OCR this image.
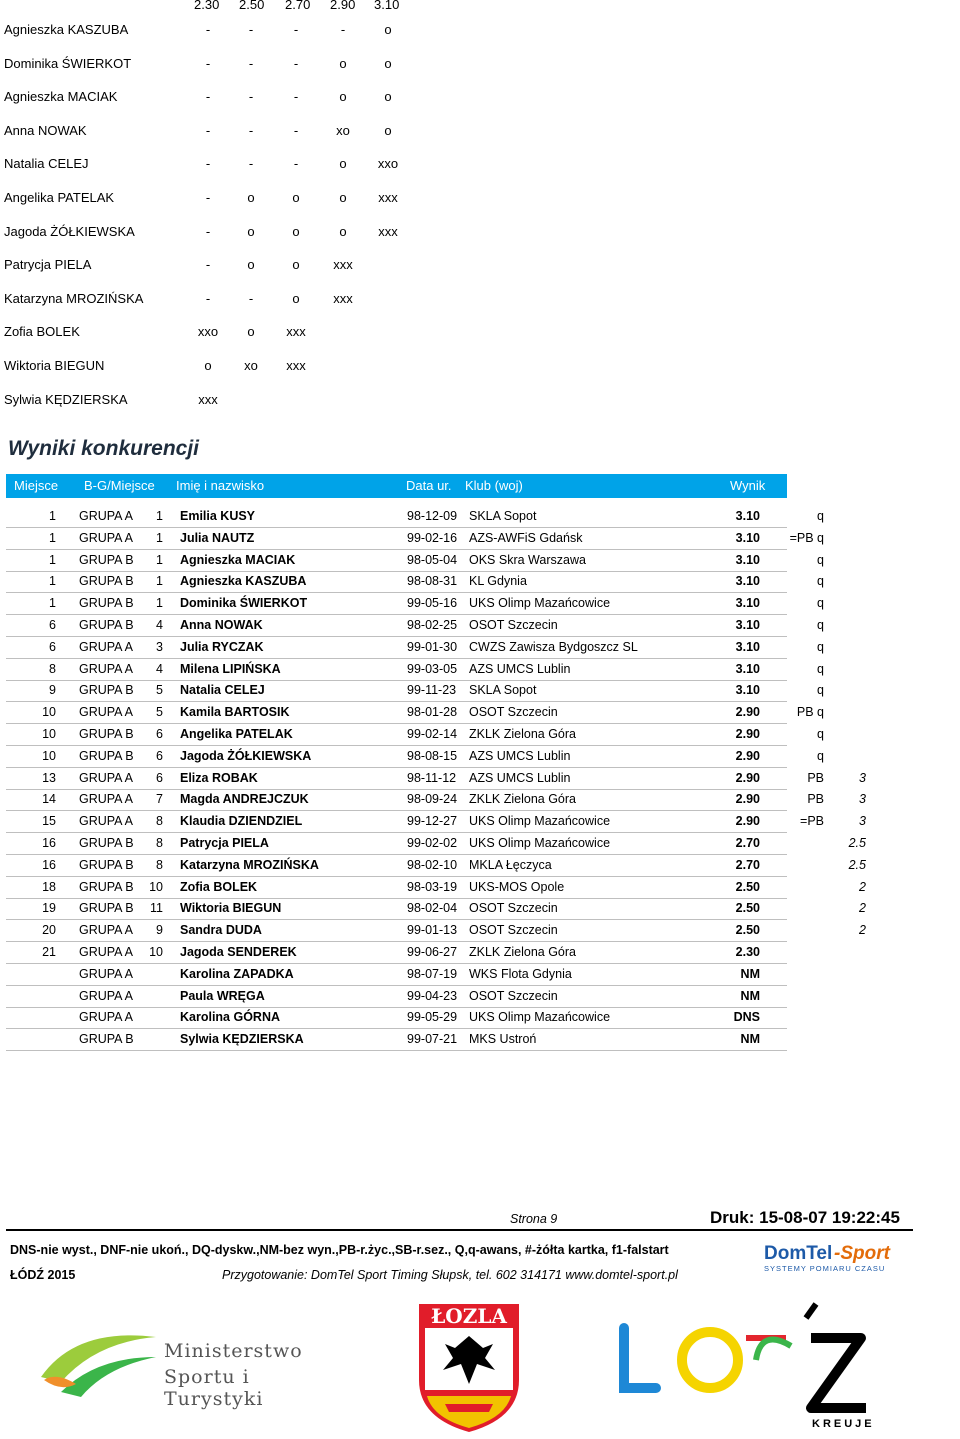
2.30 2.50 2.70 2.90 3.10
Agnieszka KASZUBA	-	-	-	-	o
Dominika ŚWIERKOT	-	-	-	o	o
Agnieszka MACIAK	-	-	-	o	o
Anna NOWAK	-	-	-	xo	o
Natalia CELEJ	-	-	-	o	xxo
Angelika PATELAK	-	o	o	o	xxx
Jagoda ŻÓŁKIEWSKA	-	o	o	o	xxx
Patrycja PIELA	-	o	o	xxx
Katarzyna MROZIŃSKA	-	-	o	xxx
Zofia BOLEK	xxo	o	xxx
Wiktoria BIEGUN	o	xo	xxx
Sylwia KĘDZIERSKA	xxx
Wyniki konkurencji
Miejsce B-G/Miejsce Imię i nazwisko	Data ur. Klub (woj)	Wynik
1 GRUPA A	1 Emilia KUSY	98-12-09 SKLA Sopot	3.10	q
1 GRUPA A	1 Julia NAUTZ	99-02-16 AZS-AWFiS Gdańsk	3.10	=PB q
1 GRUPA B	1 Agnieszka MACIAK	98-05-04 OKS Skra Warszawa	3.10	q
1 GRUPA B	1 Agnieszka KASZUBA	98-08-31 KL Gdynia	3.10	q
1 GRUPA B	1 Dominika ŚWIERKOT	99-05-16 UKS Olimp Mazańcowice	3.10	q
6 GRUPA B	4 Anna NOWAK	98-02-25 OSOT Szczecin	3.10	q
6 GRUPA A	3 Julia RYCZAK	99-01-30 CWZS Zawisza Bydgoszcz SL	3.10	q
8 GRUPA A	4 Milena LIPIŃSKA	99-03-05 AZS UMCS Lublin	3.10	q
9 GRUPA B	5 Natalia CELEJ	99-11-23 SKLA Sopot	3.10	q
10 GRUPA A	5 Kamila BARTOSIK	98-01-28 OSOT Szczecin	2.90	PB q
10 GRUPA B	6 Angelika PATELAK	99-02-14 ZKLK Zielona Góra	2.90	q
10 GRUPA B	6 Jagoda ŻÓŁKIEWSKA	98-08-15 AZS UMCS Lublin	2.90	q
13 GRUPA A	6 Eliza ROBAK	98-11-12 AZS UMCS Lublin	2.90	PB	3
14 GRUPA A	7 Magda ANDREJCZUK	98-09-24 ZKLK Zielona Góra	2.90	PB	3
15 GRUPA A	8 Klaudia DZIENDZIEL	99-12-27 UKS Olimp Mazańcowice	2.90	=PB	3
16 GRUPA B	8 Patrycja PIELA	99-02-02 UKS Olimp Mazańcowice	2.70	2.5
16 GRUPA B	8 Katarzyna MROZIŃSKA	98-02-10 MKLA Łęczyca	2.70	2.5
18 GRUPA B	10 Zofia BOLEK	98-03-19 UKS-MOS Opole	2.50	2
19 GRUPA B	11 Wiktoria BIEGUN	98-02-04 OSOT Szczecin	2.50	2
20 GRUPA A	9 Sandra DUDA	99-01-13 OSOT Szczecin	2.50	2
21 GRUPA A	10 Jagoda SENDEREK	99-06-27 ZKLK Zielona Góra	2.30
GRUPA A	Karolina ZAPADKA	98-07-19 WKS Flota Gdynia	NM
GRUPA A	Paula WRĘGA	99-04-23 OSOT Szczecin	NM
GRUPA A	Karolina GÓRNA	99-05-29 UKS Olimp Mazańcowice	DNS
GRUPA B	Sylwia KĘDZIERSKA	99-07-21 MKS Ustroń	NM
Strona 9	Druk: 15-08-07 19:22:45
DNS-nie wyst., DNF-nie ukoń., DQ-dyskw.,NM-bez wyn.,PB-r.życ.,SB-r.sez., Q,q-awans, #-żółta kartka, f1-falstart
ŁÓDŹ 2015	Przygotowanie: DomTel Sport Timing Słupsk, tel. 602 314171 www.domtel-sport.pl
DomTel -Sport
SYSTEMY POMIARU CZASU
Ministerstwo
Sportu i Turystyki
ŁOZLA
KREUJE
